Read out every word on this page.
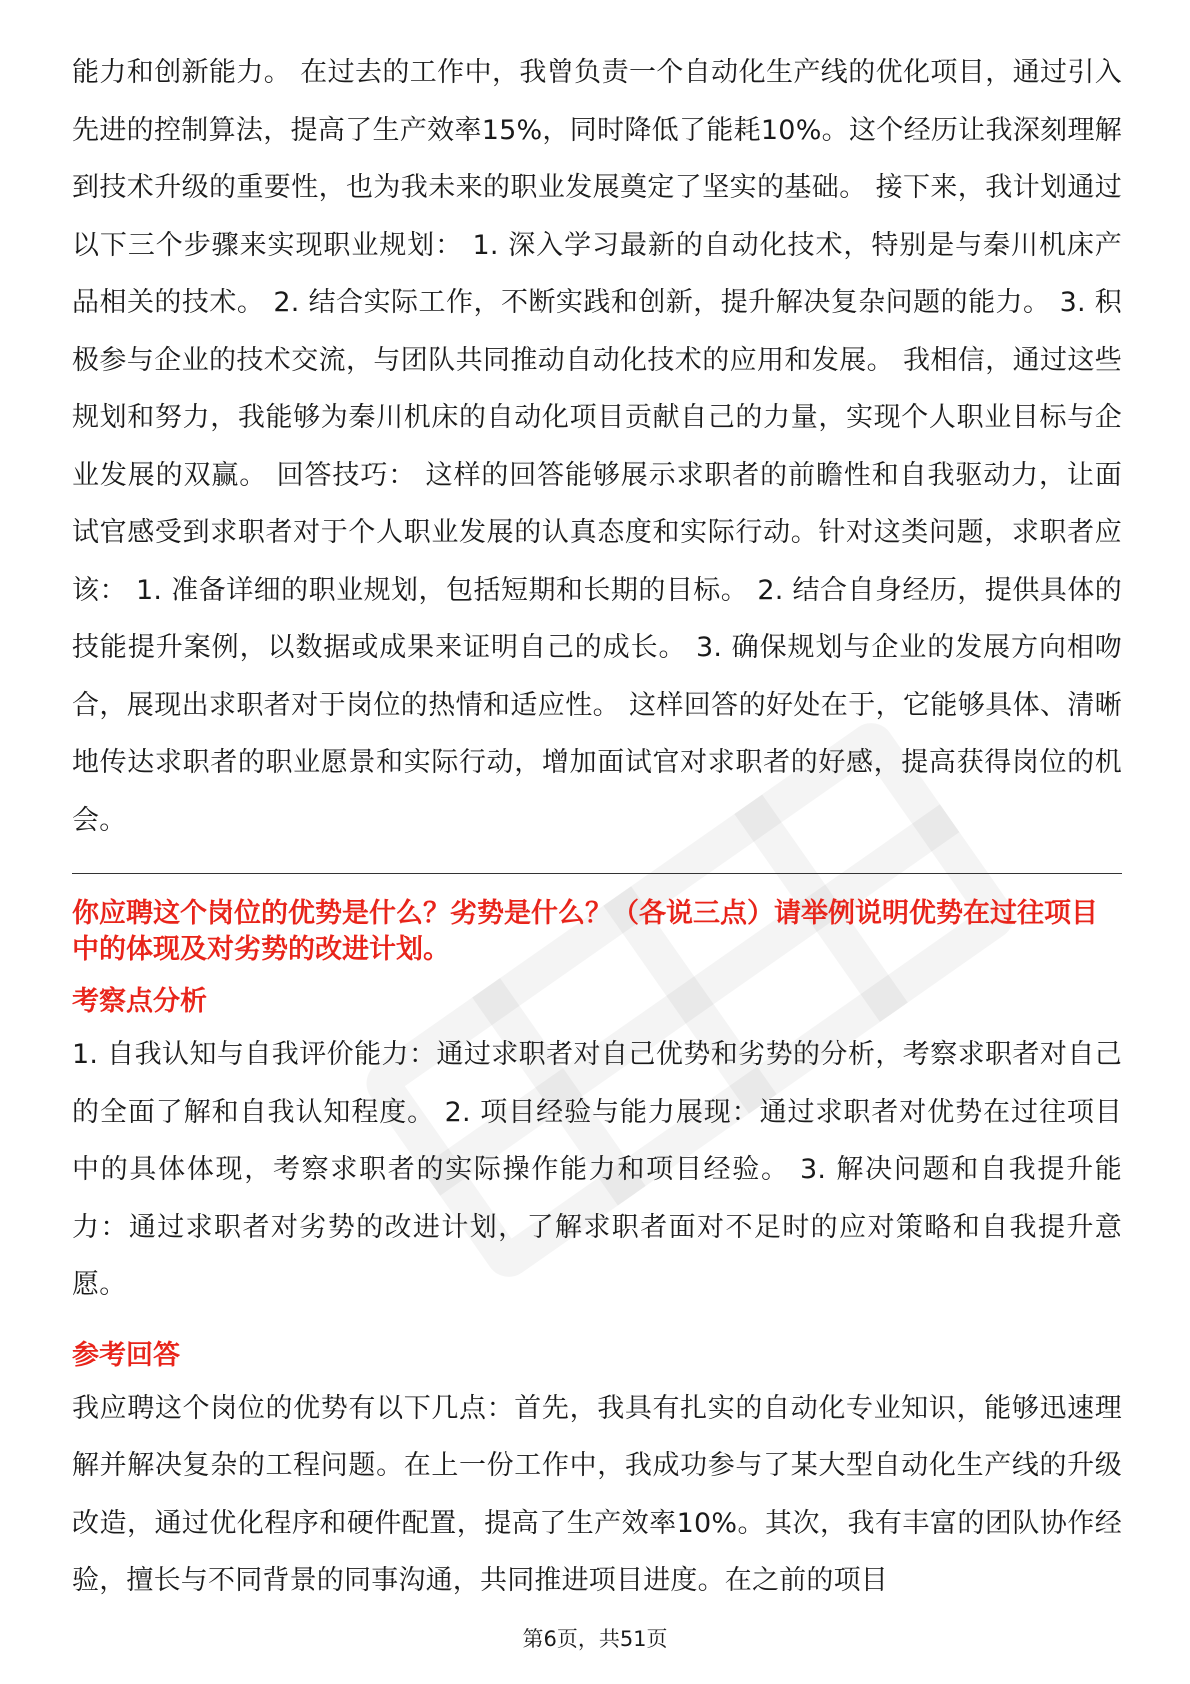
能力和创新能力。 在过去的工作中，我曾负责一个自动化生产线的优化项目，通过引入先进的控制算法，提高了生产效率15%，同时降低了能耗10%。这个经历让我深刻理解到技术升级的重要性，也为我未来的职业发展奠定了坚实的基础。 接下来，我计划通过以下三个步骤来实现职业规划： 1. 深入学习最新的自动化技术，特别是与秦川机床产品相关的技术。 2. 结合实际工作，不断实践和创新，提升解决复杂问题的能力。 3. 积极参与企业的技术交流，与团队共同推动自动化技术的应用和发展。 我相信，通过这些规划和努力，我能够为秦川机床的自动化项目贡献自己的力量，实现个人职业目标与企业发展的双赢。 回答技巧： 这样的回答能够展示求职者的前瞻性和自我驱动力，让面试官感受到求职者对于个人职业发展的认真态度和实际行动。针对这类问题，求职者应该： 1. 准备详细的职业规划，包括短期和长期的目标。 2. 结合自身经历，提供具体的技能提升案例，以数据或成果来证明自己的成长。 3. 确保规划与企业的发展方向相吻合，展现出求职者对于岗位的热情和适应性。 这样回答的好处在于，它能够具体、清晰地传达求职者的职业愿景和实际行动，增加面试官对求职者的好感，提高获得岗位的机会。

你应聘这个岗位的优势是什么？劣势是什么？（各说三点）请举例说明优势在过往项目中的体现及对劣势的改进计划。

考察点分析

1. 自我认知与自我评价能力：通过求职者对自己优势和劣势的分析，考察求职者对自己的全面了解和自我认知程度。 2. 项目经验与能力展现：通过求职者对优势在过往项目中的具体体现，考察求职者的实际操作能力和项目经验。 3. 解决问题和自我提升能力：通过求职者对劣势的改进计划，了解求职者面对不足时的应对策略和自我提升意愿。

参考回答

我应聘这个岗位的优势有以下几点：首先，我具有扎实的自动化专业知识，能够迅速理解并解决复杂的工程问题。在上一份工作中，我成功参与了某大型自动化生产线的升级改造，通过优化程序和硬件配置，提高了生产效率10%。其次，我有丰富的团队协作经验，擅长与不同背景的同事沟通，共同推进项目进度。在之前的项目

第6页，共51页
